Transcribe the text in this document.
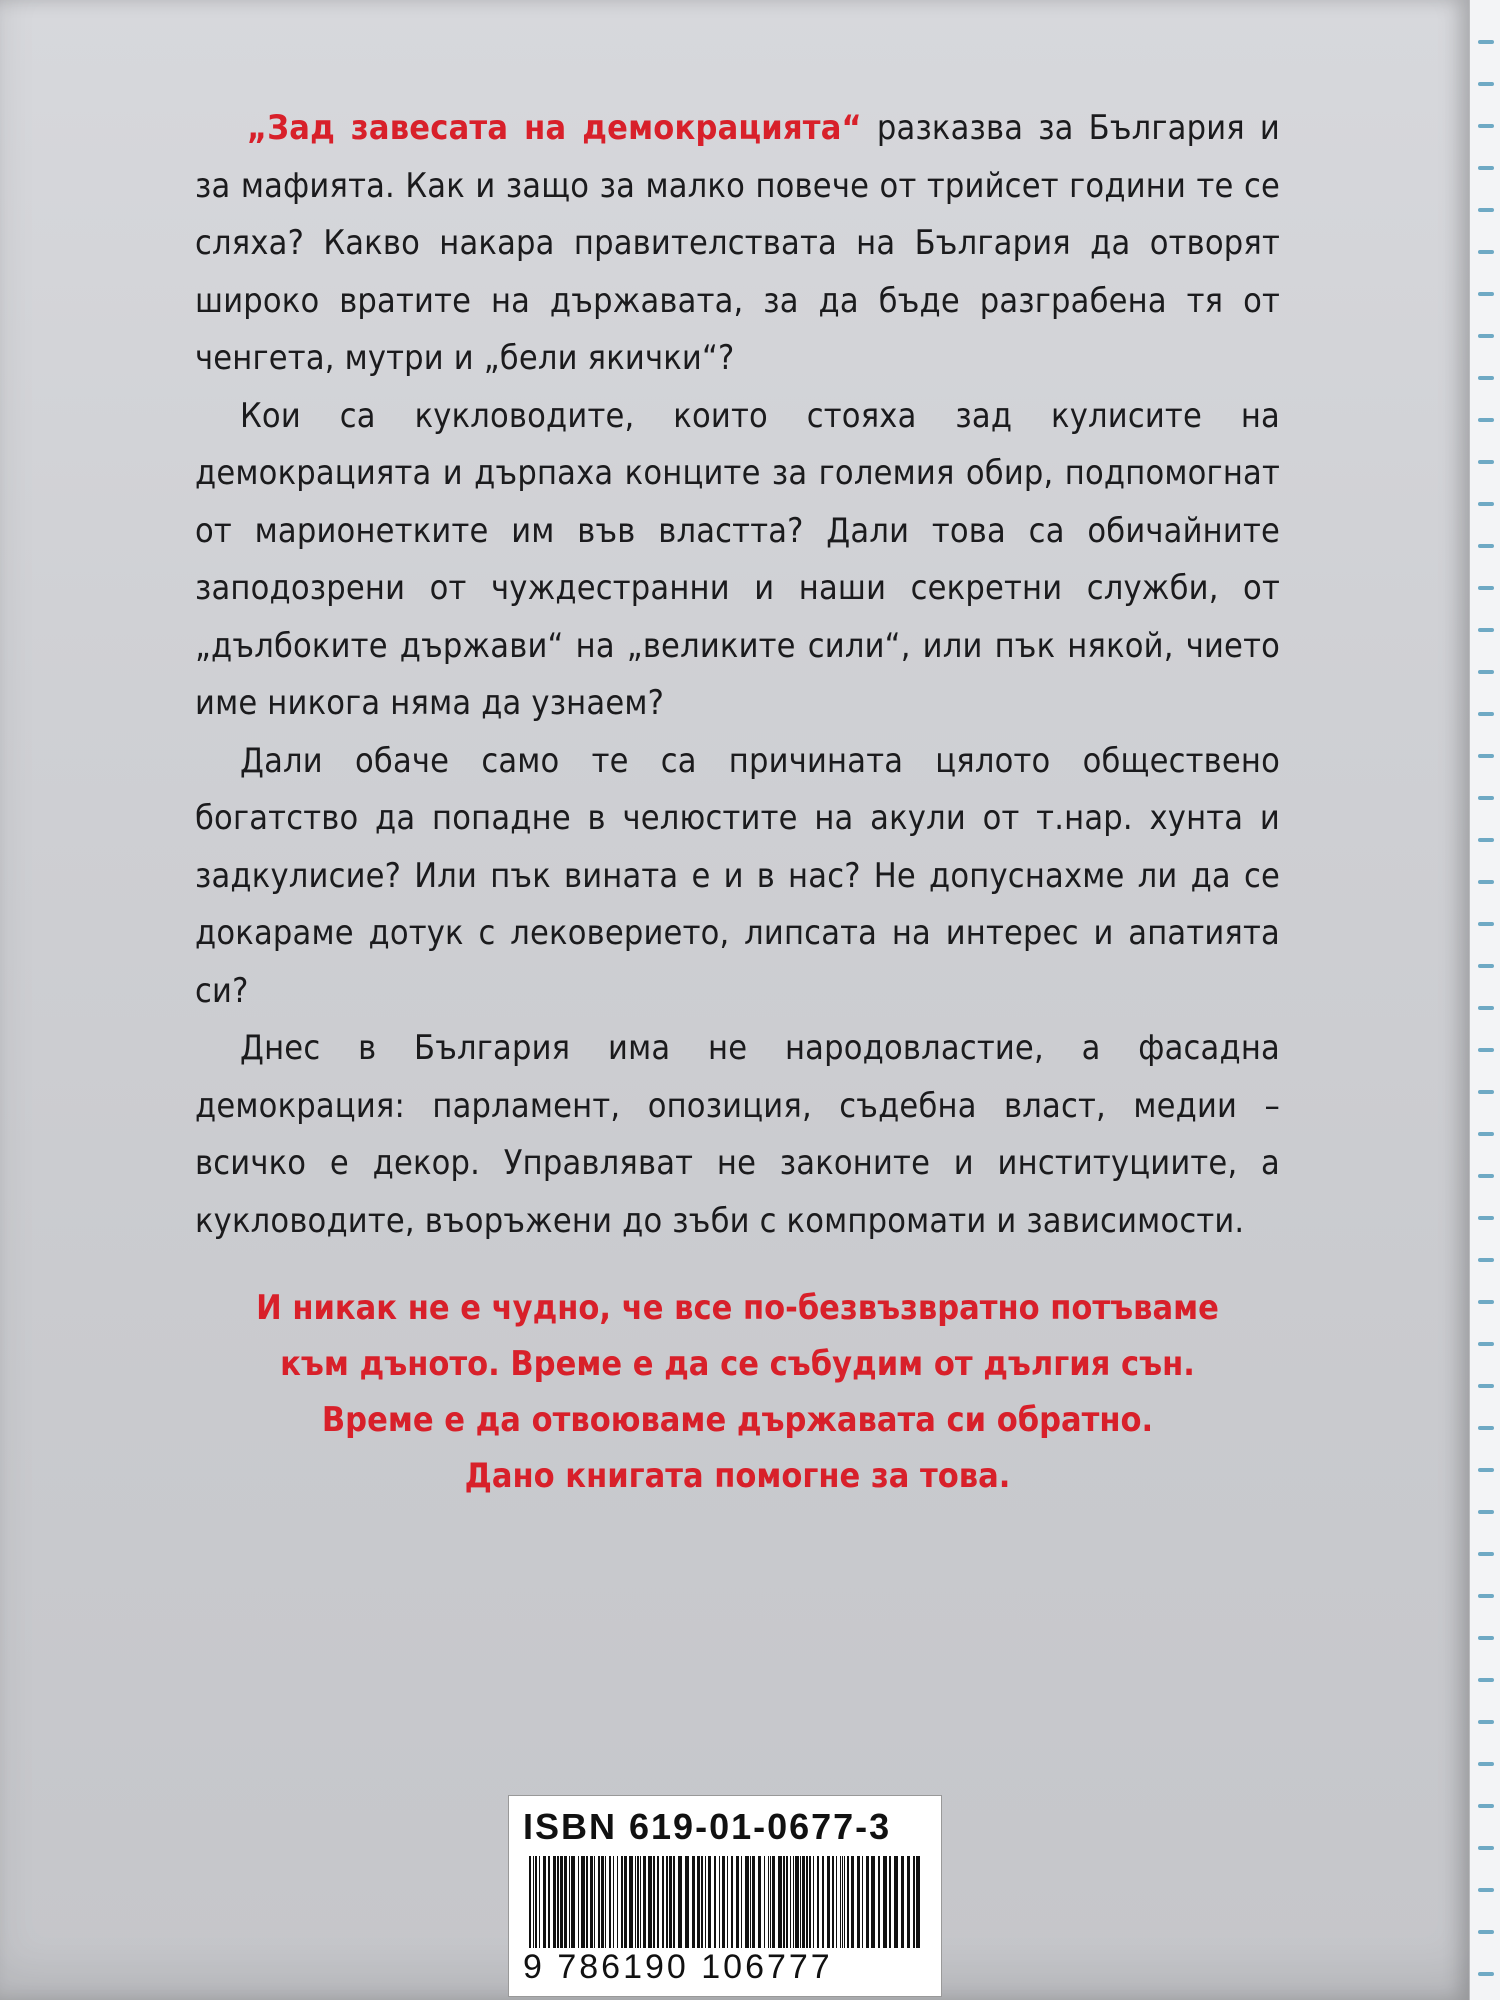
„Зад завесата на демокрацията“ разказва за България и за мафията. Как и защо за малко повече от трийсет години те се сляха? Какво накара правителствата на България да отворят широко вратите на държавата, за да бъде разграбена тя от ченгета, мутри и „бели якички“?

Кои са кукловодите, които стояха зад кулисите на демокрацията и дърпаха конците за големия обир, подпомогнат от марионетките им във властта? Дали това са обичайните заподозрени от чуждестранни и наши секретни служби, от „дълбоките държави“ на „великите сили“, или пък някой, чието име никога няма да узнаем?

Дали обаче само те са причината цялото обществено богатство да попадне в челюстите на акули от т.нар. хунта и задкулисие? Или пък вината е и в нас? Не допуснахме ли да се докараме дотук с лековерието, липсата на интерес и апатията си?

Днес в България има не народовластие, а фасадна демокрация: парламент, опозиция, съдебна власт, медии – всичко е декор. Управляват не законите и институциите, а кукловодите, въоръжени до зъби с компромати и зависимости.

И никак не е чудно, че все по-безвъзвратно потъваме
към дъното. Време е да се събудим от дългия сън.
Време е да отвоюваме държавата си обратно.
Дано книгата помогне за това.
ISBN 619-01-0677-3
9 786190 106777
